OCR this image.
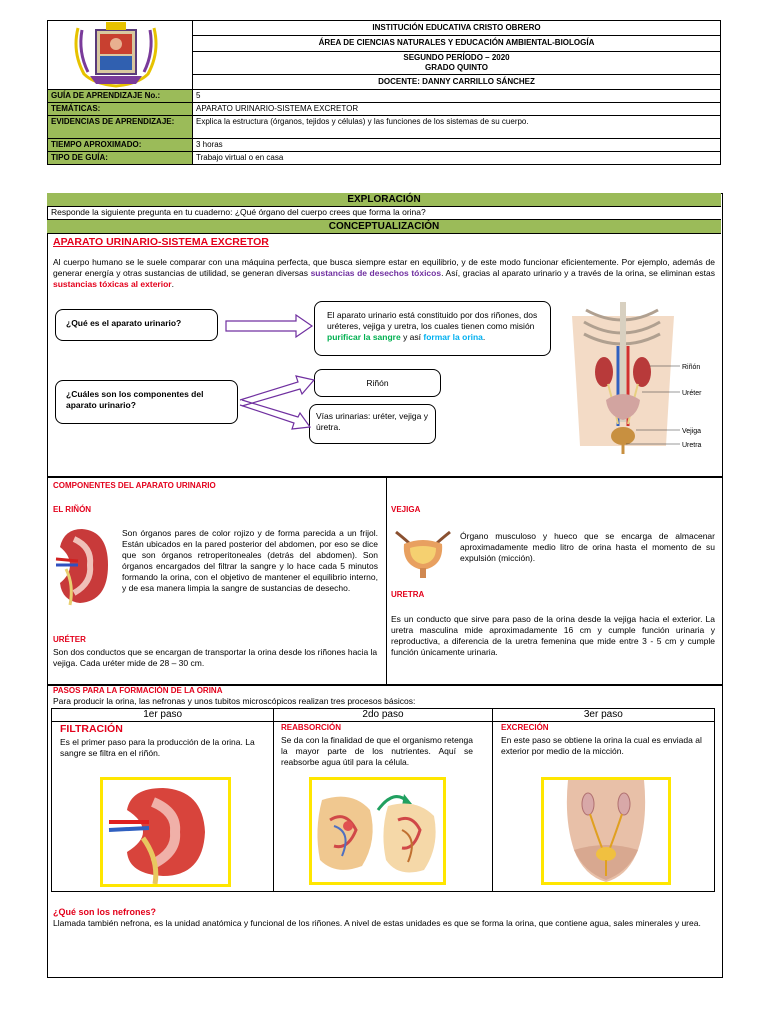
	INSTITUCIÓN EDUCATIVA CRISTO OBRERO
	ÁREA DE CIENCIAS NATURALES Y EDUCACIÓN AMBIENTAL-BIOLOGÍA

	SEGUNDO PERÍODO – 2020
GRADO QUINTO

	DOCENTE: DANNY CARRILLO SÁNCHEZ
GUÍA DE APRENDIZAJE No.:	5
TEMÁTICAS:	APARATO URINARIO-SISTEMA EXCRETOR
EVIDENCIAS DE APRENDIZAJE:	Explica la estructura (órganos, tejidos y células) y las funciones de los sistemas de su cuerpo.
TIEMPO APROXIMADO:	3 horas
TIPO DE GUÍA:	Trabajo virtual o en casa
EXPLORACIÓN
Responde la siguiente pregunta en tu cuaderno: ¿Qué órgano del cuerpo crees que forma la orina?
CONCEPTUALIZACIÓN
APARATO URINARIO-SISTEMA EXCRETOR
Al cuerpo humano se le suele comparar con una máquina perfecta, que busca siempre estar en equilibrio, y de este modo funcionar eficientemente. Por ejemplo, además de generar energía y otras sustancias de utilidad, se generan diversas sustancias de desechos tóxicos. Así, gracias al aparato urinario y a través de la orina, se eliminan estas sustancias tóxicas al exterior.
¿Qué es el aparato urinario?
¿Cuáles son los componentes del aparato urinario?
El aparato urinario está constituido por dos riñones, dos uréteres, vejiga y uretra, los cuales tienen como misión purificar la sangre y así formar la orina.
Riñón
Vías urinarias: uréter, vejiga y úretra.
Riñón
Uréter
Vejiga
Uretra
COMPONENTES DEL APARATO URINARIO
EL RIÑÓN
Son órganos pares de color rojizo y de forma parecida a un frijol. Están ubicados en la pared posterior del abdomen, por eso se dice que son órganos retroperitoneales (detrás del abdomen). Son órganos encargados del filtrar la sangre y lo hace cada 5 minutos formando la orina, con el objetivo de mantener el equilibrio interno, y de esa manera limpia la sangre de sustancias de desecho.
URÉTER
Son dos conductos que se encargan de transportar la orina desde los riñones hacia la vejiga. Cada uréter mide de 28 – 30 cm.
VEJIGA
Órgano musculoso y hueco que se encarga de almacenar aproximadamente medio litro de orina hasta el momento de su expulsión (micción).
URETRA
Es un conducto que sirve para paso de la orina desde la vejiga hacia el exterior. La uretra masculina mide aproximadamente 16 cm y cumple función urinaria y reproductiva, a diferencia de la uretra femenina que mide entre 3 - 5 cm y cumple función únicamente urinaria.
PASOS PARA LA FORMACIÓN DE LA ORINA
Para producir la orina, las nefronas y unos tubitos microscópicos realizan tres procesos básicos:
1er paso	2do paso	3er paso

FILTRACIÓN
Es el primer paso para la producción de la orina. La sangre se filtra en el riñón.
REABSORCIÓN
Se da con la finalidad de que el organismo retenga la mayor parte de los nutrientes. Aquí se reabsorbe agua útil para la célula.
EXCRECIÓN
En este paso se obtiene la orina la cual es enviada al exterior por medio de la micción.
¿Qué son los nefrones?
Llamada también nefrona, es la unidad anatómica y funcional de los riñones. A nivel de estas unidades es que se forma la orina, que contiene agua, sales minerales y urea.
